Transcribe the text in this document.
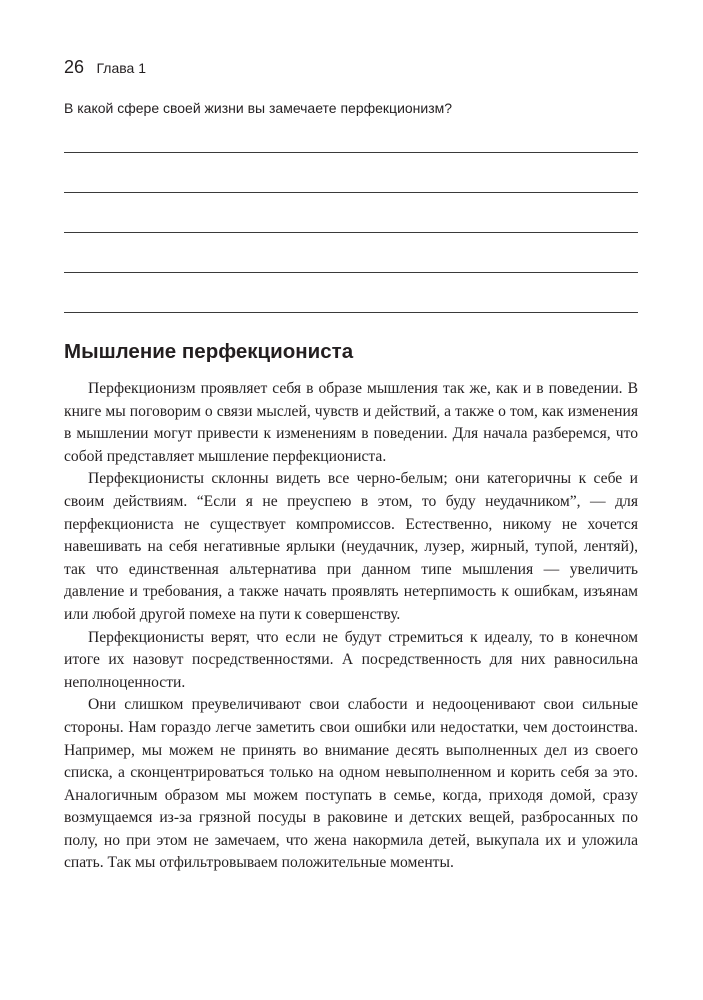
26 Глава 1
В какой сфере своей жизни вы замечаете перфекционизм?
Мышление перфекциониста

Перфекционизм проявляет себя в образе мышления так же, как и в поведении. В книге мы поговорим о связи мыслей, чувств и действий, а также о том, как изменения в мышлении могут привести к изменениям в поведении. Для начала разберемся, что собой представляет мышление перфекциониста.

Перфекционисты склонны видеть все черно-белым; они категоричны к себе и своим действиям. “Если я не преуспею в этом, то буду неудачником”, — для перфекциониста не существует компромиссов. Естественно, никому не хочется навешивать на себя негативные ярлыки (неудачник, лузер, жирный, тупой, лентяй), так что единственная альтернатива при данном типе мышления — увеличить давление и требования, а также начать проявлять нетерпимость к ошибкам, изъянам или любой другой помехе на пути к совершенству.

Перфекционисты верят, что если не будут стремиться к идеалу, то в конечном итоге их назовут посредственностями. А посредственность для них равносильна неполноценности.

Они слишком преувеличивают свои слабости и недооценивают свои сильные стороны. Нам гораздо легче заметить свои ошибки или недостатки, чем достоинства. Например, мы можем не принять во внимание десять выполненных дел из своего списка, а сконцентрироваться только на одном невыполненном и корить себя за это. Аналогичным образом мы можем поступать в семье, когда, приходя домой, сразу возмущаемся из-за грязной посуды в раковине и детских вещей, разбросанных по полу, но при этом не замечаем, что жена накормила детей, выкупала их и уложила спать. Так мы отфильтровываем положительные моменты.
